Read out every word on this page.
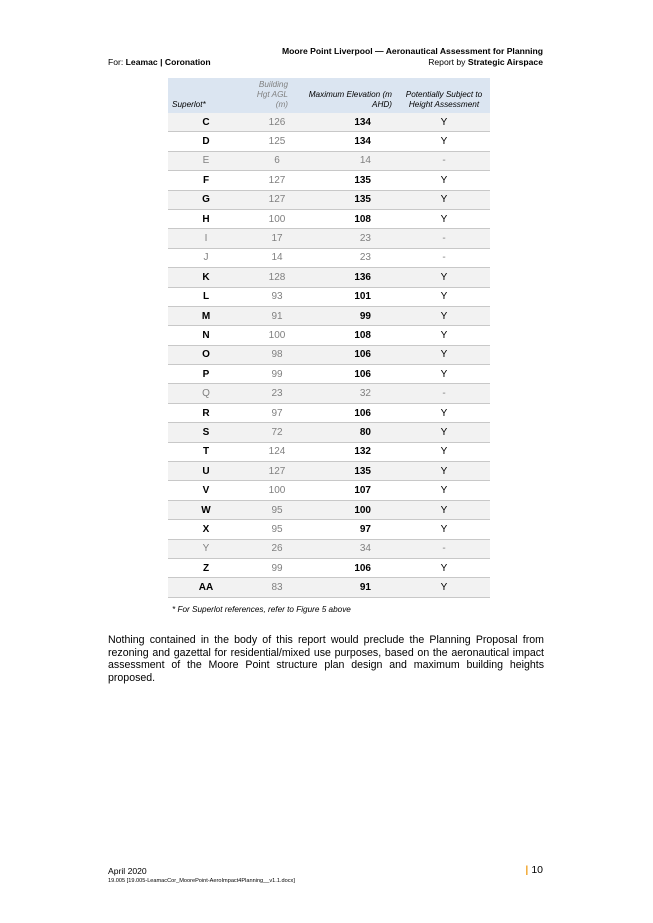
Moore Point Liverpool — Aeronautical Assessment for Planning
For: Leamac | Coronation	Report by Strategic Airspace
Superlot*	Building Hgt AGL (m)	Maximum Elevation (m AHD)	Potentially Subject to Height Assessment
C	126	134	Y
D	125	134	Y
E	6	14	-
F	127	135	Y
G	127	135	Y
H	100	108	Y
I	17	23	-
J	14	23	-
K	128	136	Y
L	93	101	Y
M	91	99	Y
N	100	108	Y
O	98	106	Y
P	99	106	Y
Q	23	32	-
R	97	106	Y
S	72	80	Y
T	124	132	Y
U	127	135	Y
V	100	107	Y
W	95	100	Y
X	95	97	Y
Y	26	34	-
Z	99	106	Y
AA	83	91	Y
* For Superlot references, refer to Figure 5 above
Nothing contained in the body of this report would preclude the Planning Proposal from rezoning and gazettal for residential/mixed use purposes, based on the aeronautical impact assessment of the Moore Point structure plan design and maximum building heights proposed.
April 2020
19.005 [19.005-LeamacCor_MoorePoint-AeroImpact4Planning__v1.1.docx]
| 10
